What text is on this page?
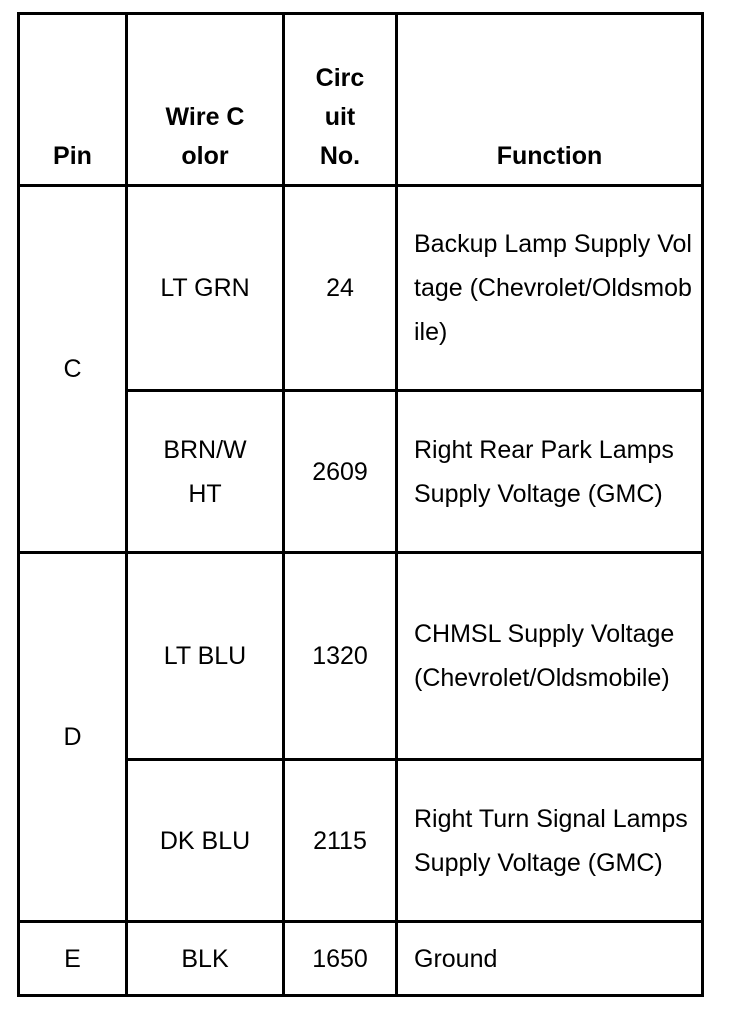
Pin	Wire Color	Circuit No.	Function
C	LT GRN	24	Backup Lamp Supply Voltage (Chevrolet/Oldsmobile)
	BRN/WHT	2609	Right Rear Park Lamps Supply Voltage (GMC)
D	LT BLU	1320	CHMSL Supply Voltage (Chevrolet/Oldsmobile)
	DK BLU	2115	Right Turn Signal Lamps Supply Voltage (GMC)
E	BLK	1650	Ground
